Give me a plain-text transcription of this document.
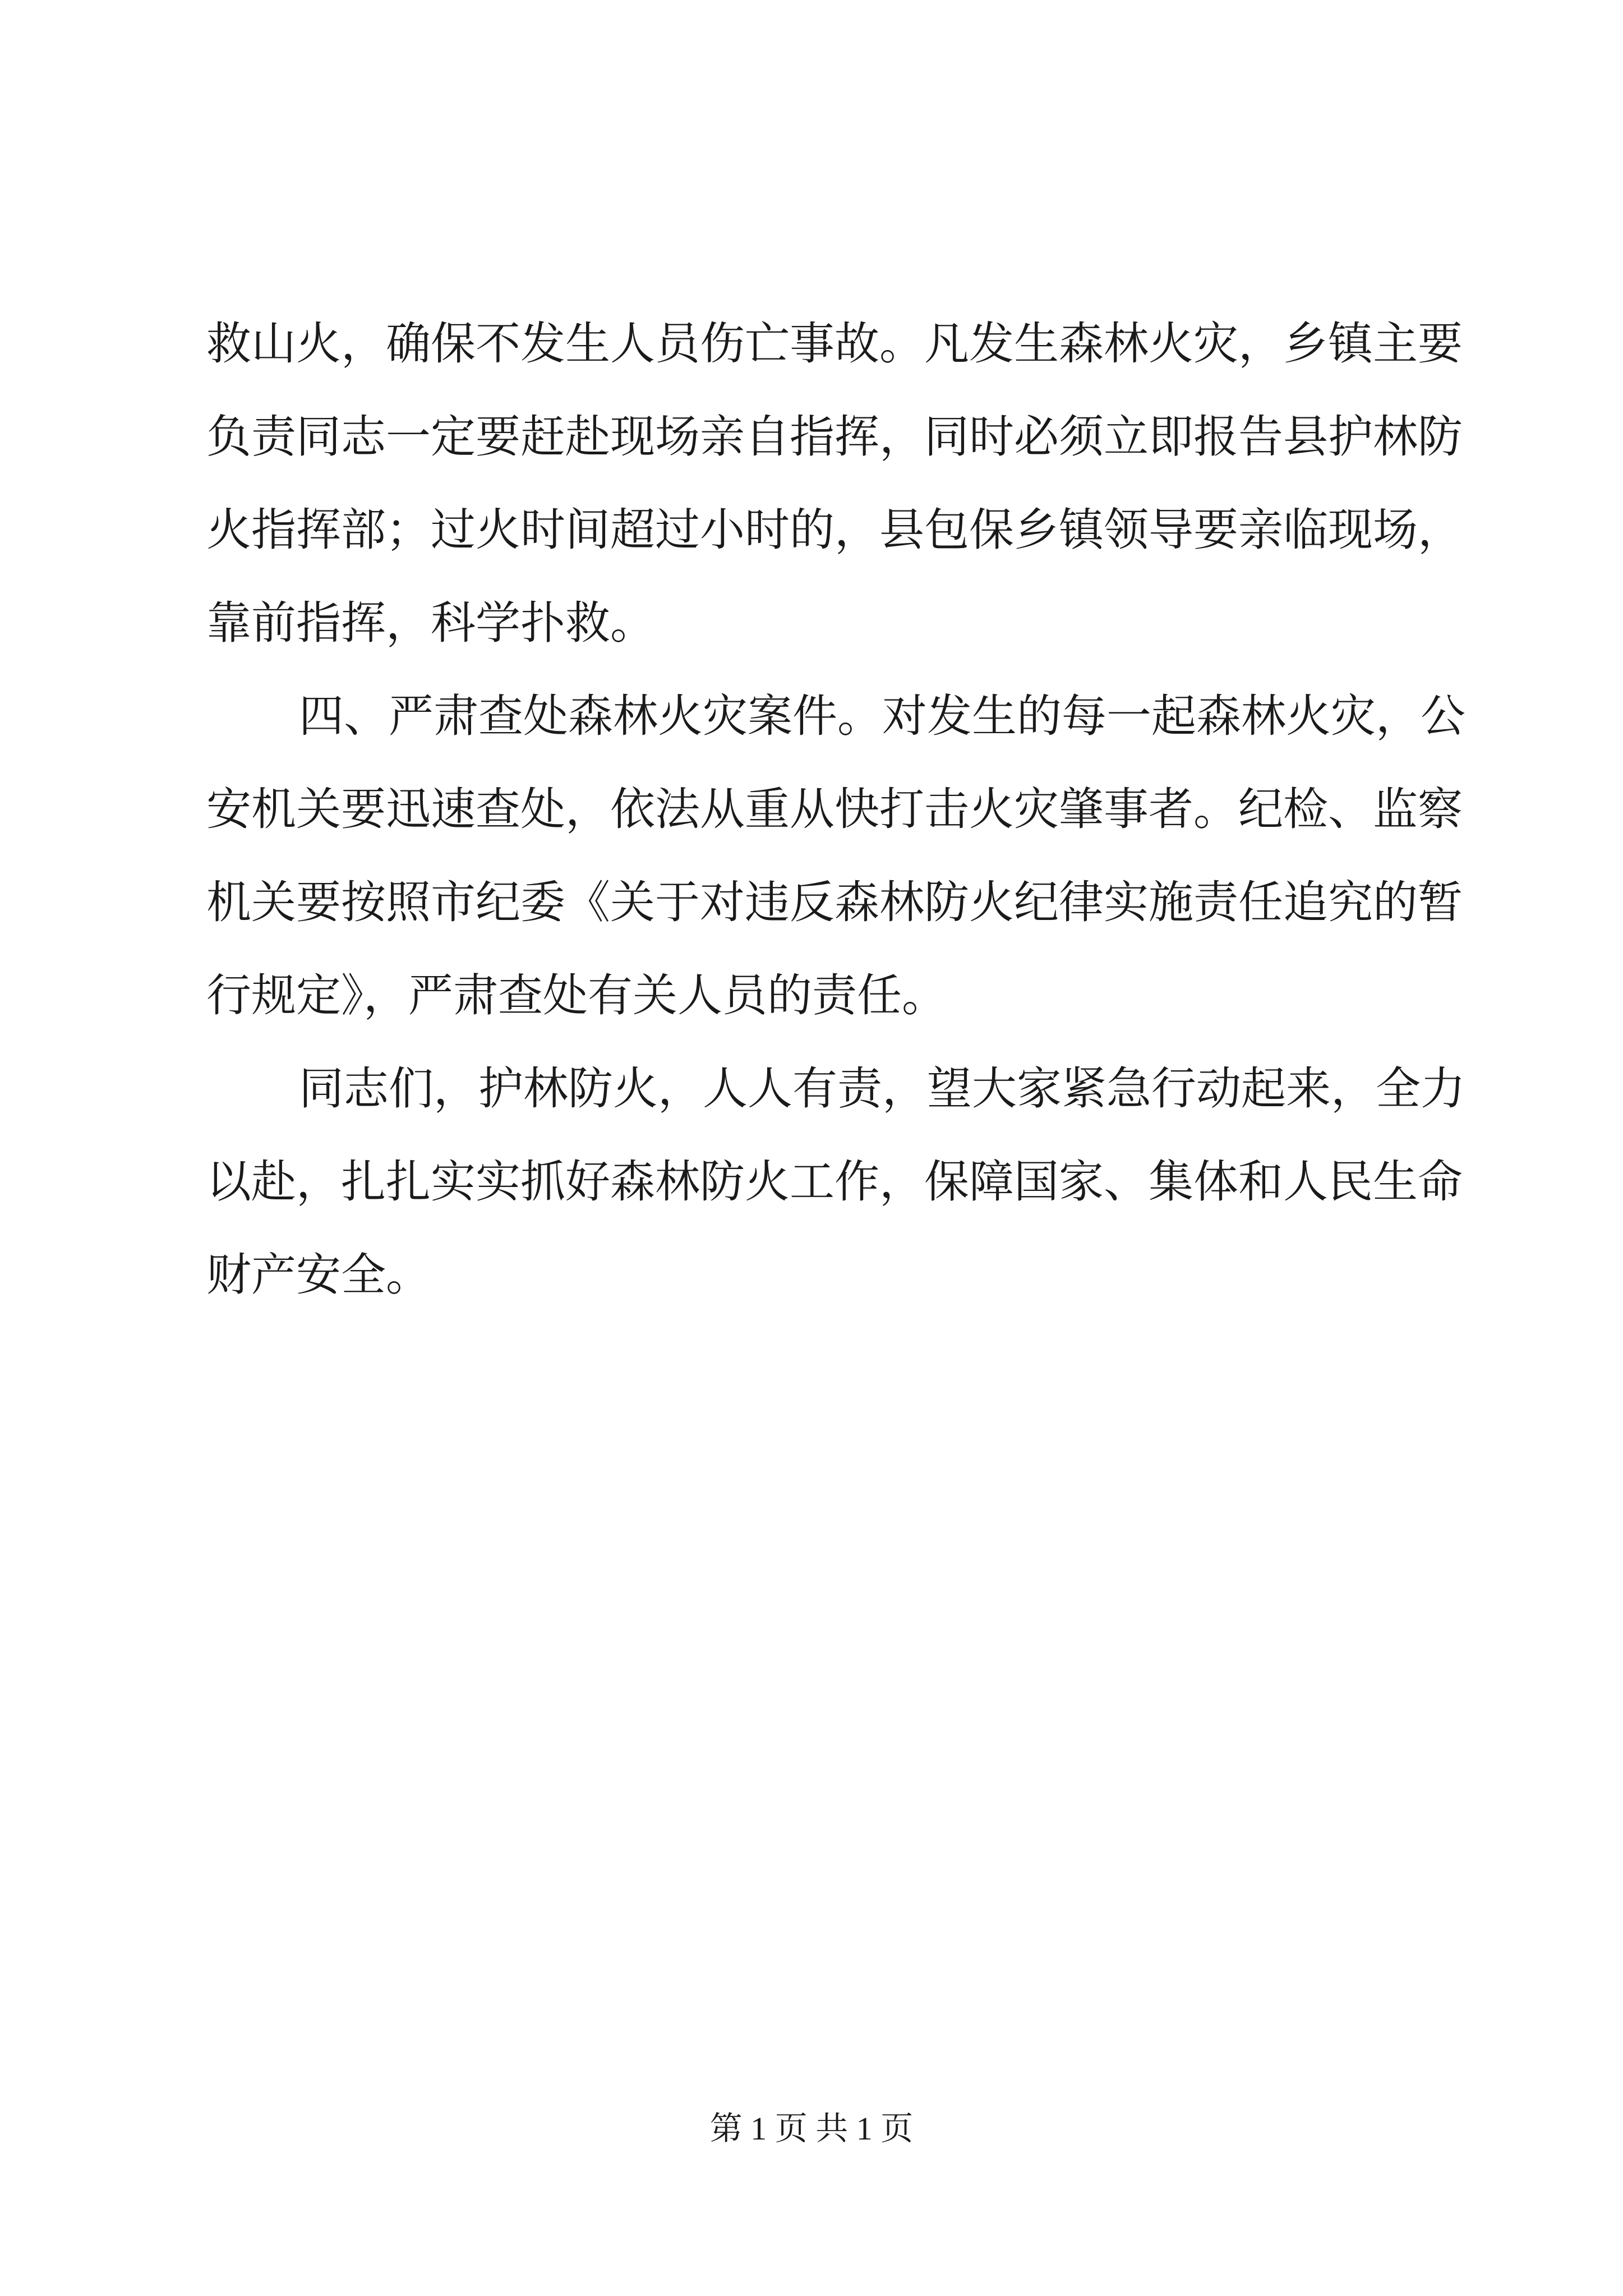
救山火，确保不发生人员伤亡事故。凡发生森林火灾，乡镇主要
负责同志一定要赶赴现场亲自指挥，同时必须立即报告县护林防
火指挥部；过火时间超过小时的，县包保乡镇领导要亲临现场，
靠前指挥，科学扑救。
四、严肃查处森林火灾案件。对发生的每一起森林火灾，公
安机关要迅速查处，依法从重从快打击火灾肇事者。纪检、监察
机关要按照市纪委《关于对违反森林防火纪律实施责任追究的暂
行规定》，严肃查处有关人员的责任。
同志们，护林防火，人人有责，望大家紧急行动起来，全力
以赴，扎扎实实抓好森林防火工作，保障国家、集体和人民生命
财产安全。
第 1 页 共 1 页
